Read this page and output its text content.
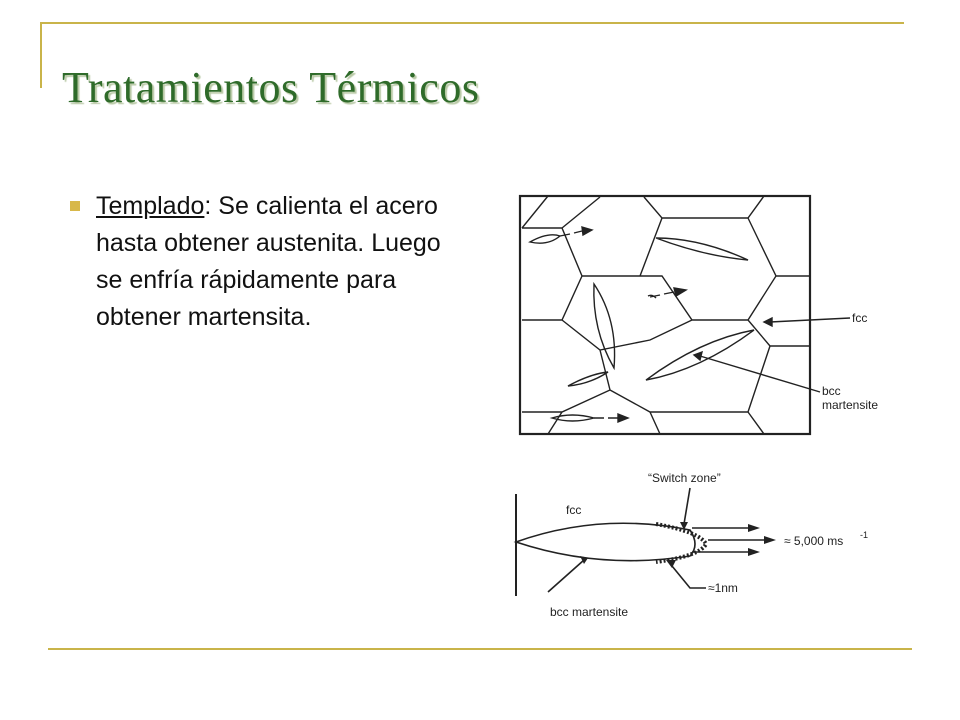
Tratamientos Térmicos
Templado: Se calienta el acero hasta obtener austenita. Luego se enfría rápidamente para obtener martensita.	fcc
bcc
martensite
“Switch zone”
fcc
≈ 5,000 ms -1
≈1nm
bcc martensite
